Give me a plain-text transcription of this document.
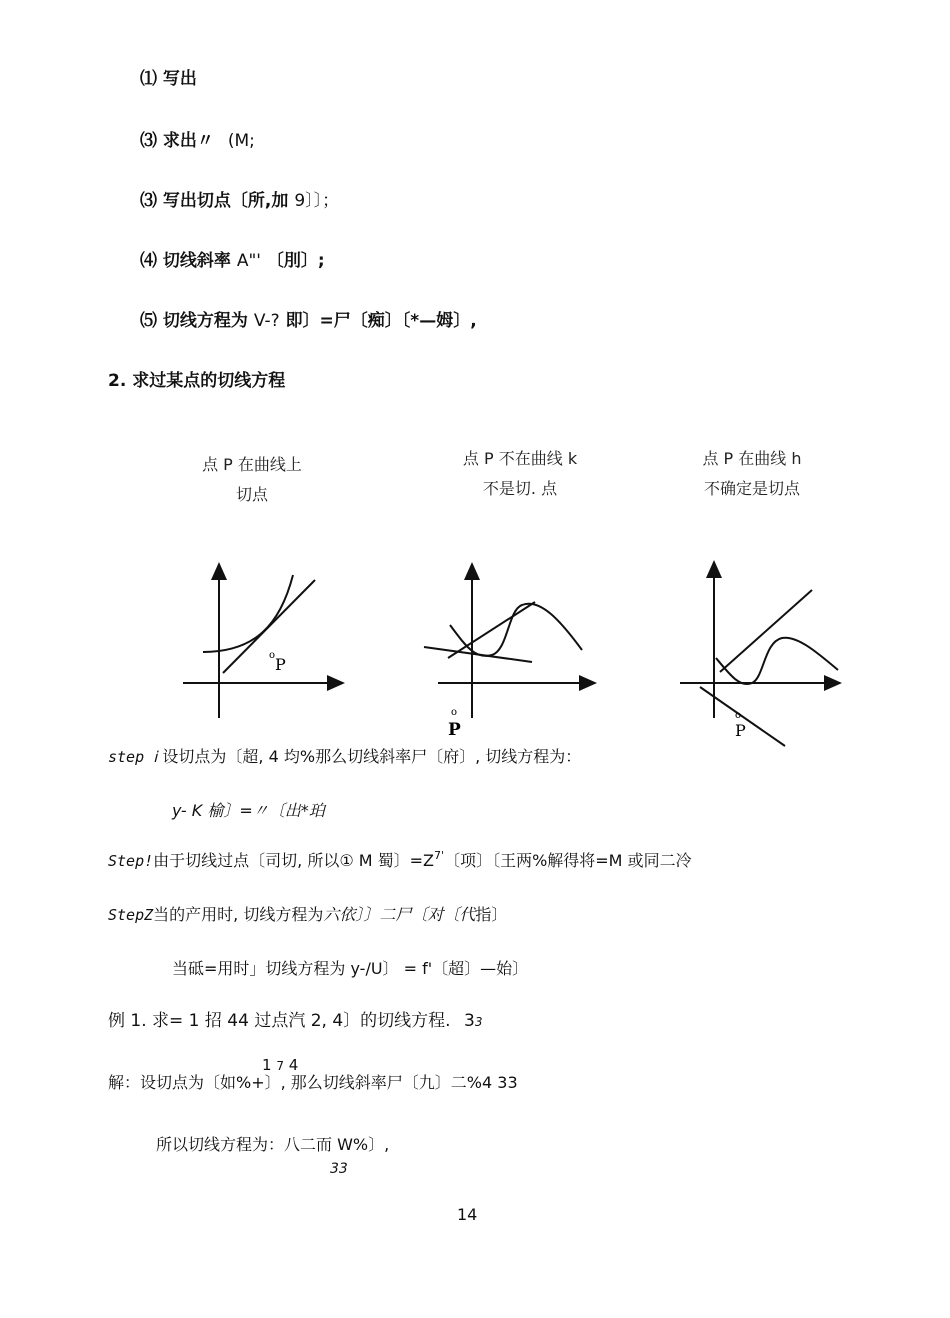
⑴ 写出
⑶ 求出〃 (M;
⑶ 写出切点〔所,加 9〕〕；
⑷ 切线斜率 A"' 〔刖〕;
⑸ 切线方程为 V-? 即〕=尸〔痴〕〔*—姆〕,
2. 求过某点的切线方程
点 P 在曲线上
切点
点 P 不在曲线 k
不是切. 点
点 P 在曲线 h
不确定是切点
o P
o
P
o
P
step ⅰ 设切点为〔超, 4 均%那么切线斜率尸〔府〕, 切线方程为：
y- K 榆〕=〃〔出*珀
Step!由于切线过点〔司切, 所以① M 蜀〕$=Z^{7'}$〔项〕〔王两%解得将=M 或同二冷
StepZ当的产用时, 切线方程为六依〕〕二尸〔对〔代指〕
当砥=用时」切线方程为 y-/U〕 = f'〔超〕—始〕
例 1. 求= 1 招 44 过点汽 2, 4〕的切线方程. 33
1 7 4
解：设切点为〔如%+〕, 那么切线斜率尸〔九〕二%4 33
所以切线方程为：八二而 W%〕,
33
14
